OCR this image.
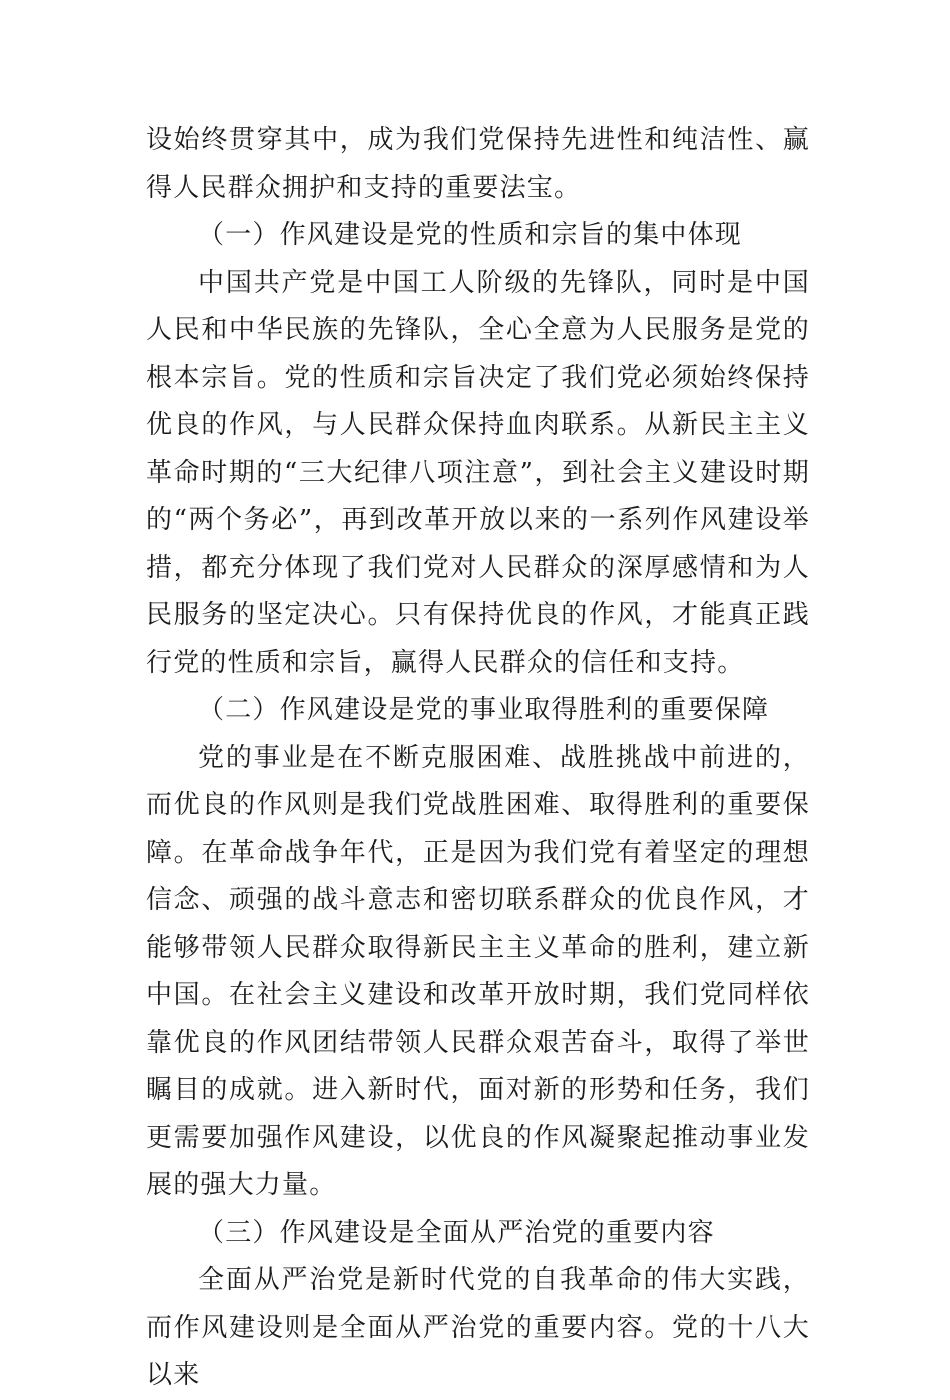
设始终贯穿其中，成为我们党保持先进性和纯洁性、赢得人民群众拥护和支持的重要法宝。

（一）作风建设是党的性质和宗旨的集中体现

中国共产党是中国工人阶级的先锋队，同时是中国人民和中华民族的先锋队，全心全意为人民服务是党的根本宗旨。党的性质和宗旨决定了我们党必须始终保持优良的作风，与人民群众保持血肉联系。从新民主主义革命时期的“三大纪律八项注意”，到社会主义建设时期的“两个务必”，再到改革开放以来的一系列作风建设举措，都充分体现了我们党对人民群众的深厚感情和为人民服务的坚定决心。只有保持优良的作风，才能真正践行党的性质和宗旨，赢得人民群众的信任和支持。

（二）作风建设是党的事业取得胜利的重要保障

党的事业是在不断克服困难、战胜挑战中前进的，而优良的作风则是我们党战胜困难、取得胜利的重要保障。在革命战争年代，正是因为我们党有着坚定的理想信念、顽强的战斗意志和密切联系群众的优良作风，才能够带领人民群众取得新民主主义革命的胜利，建立新中国。在社会主义建设和改革开放时期，我们党同样依靠优良的作风团结带领人民群众艰苦奋斗，取得了举世瞩目的成就。进入新时代，面对新的形势和任务，我们更需要加强作风建设，以优良的作风凝聚起推动事业发展的强大力量。

（三）作风建设是全面从严治党的重要内容

全面从严治党是新时代党的自我革命的伟大实践，而作风建设则是全面从严治党的重要内容。党的十八大以来
